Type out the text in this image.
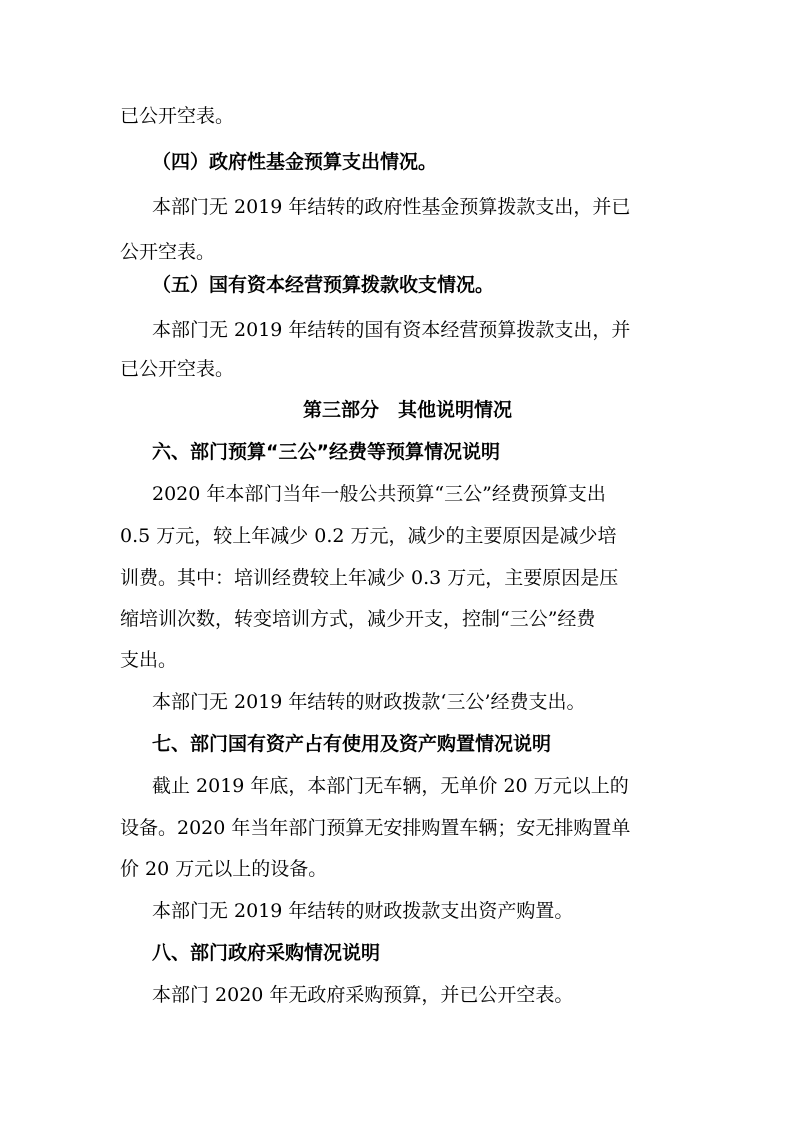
已公开空表。
（四）政府性基金预算支出情况。
本部门无 2019 年结转的政府性基金预算拨款支出，并已
公开空表。
（五）国有资本经营预算拨款收支情况。
本部门无 2019 年结转的国有资本经营预算拨款支出，并
已公开空表。
第三部分　其他说明情况
六、部门预算“三公”经费等预算情况说明
2020 年本部门当年一般公共预算“三公”经费预算支出
0.5 万元，较上年减少 0.2 万元，减少的主要原因是减少培
训费。其中：培训经费较上年减少 0.3 万元，主要原因是压
缩培训次数，转变培训方式，减少开支，控制“三公”经费
支出。
本部门无 2019 年结转的财政拨款‘三公’经费支出。
七、部门国有资产占有使用及资产购置情况说明
截止 2019 年底，本部门无车辆，无单价 20 万元以上的
设备。2020 年当年部门预算无安排购置车辆；安无排购置单
价 20 万元以上的设备。
本部门无 2019 年结转的财政拨款支出资产购置。
八、部门政府采购情况说明
本部门 2020 年无政府采购预算，并已公开空表。
